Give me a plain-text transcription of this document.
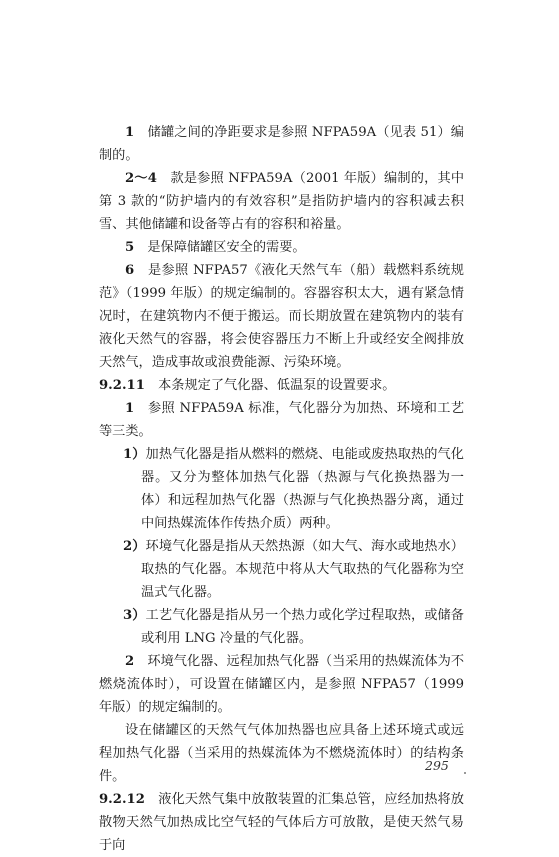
1　 储罐之间的净距要求是参照 NFPA59A（见表 51）编制的。

2～4　 款是参照 NFPA59A（2001 年版）编制的，其中第 3 款的“防护墙内的有效容积”是指防护墙内的容积减去积雪、其他储罐和设备等占有的容积和裕量。

5　 是保障储罐区安全的需要。

6　 是参照 NFPA57《液化天然气车（船）载燃料系统规范》（1999 年版）的规定编制的。容器容积太大，遇有紧急情况时，在建筑物内不便于搬运。而长期放置在建筑物内的装有液化天然气的容器，将会使容器压力不断上升或经安全阀排放天然气，造成事故或浪费能源、污染环境。

9.2.11　 本条规定了气化器、低温泵的设置要求。

1　 参照 NFPA59A 标准，气化器分为加热、环境和工艺等三类。

1）加热气化器是指从燃料的燃烧、电能或废热取热的气化器。又分为整体加热气化器（热源与气化换热器为一体）和远程加热气化器（热源与气化换热器分离，通过中间热媒流体作传热介质）两种。

2）环境气化器是指从天然热源（如大气、海水或地热水）取热的气化器。本规范中将从大气取热的气化器称为空温式气化器。

3）工艺气化器是指从另一个热力或化学过程取热，或储备或利用 LNG 冷量的气化器。

2　 环境气化器、远程加热气化器（当采用的热媒流体为不燃烧流体时），可设置在储罐区内，是参照 NFPA57（1999 年版）的规定编制的。

设在储罐区的天然气气体加热器也应具备上述环境式或远程加热气化器（当采用的热媒流体为不燃烧流体时）的结构条件。

9.2.12　 液化天然气集中放散装置的汇集总管，应经加热将放散物天然气加热成比空气轻的气体后方可放散，是使天然气易于向

295
